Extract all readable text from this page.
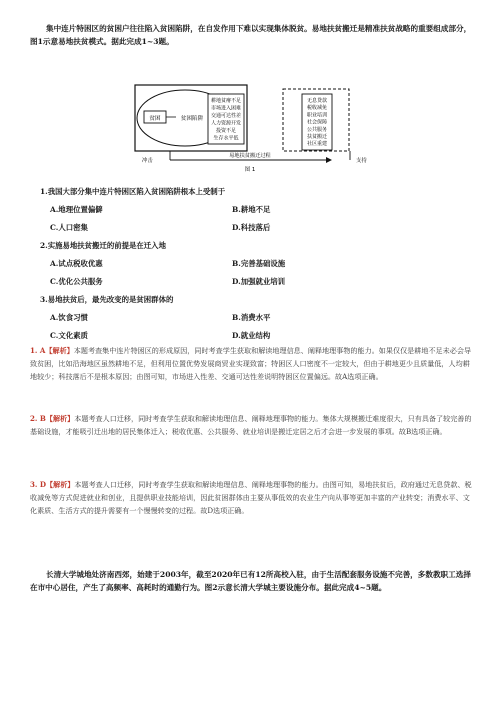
集中连片特困区的贫困户往往陷入贫困陷阱，在自发作用下难以实现集体脱贫。易地扶贫搬迁是精准扶贫战略的重要组成部分，图1示意易地扶贫模式。据此完成1~3题。
贫困	贫困陷阱
耕地贫瘠不足
市场进入困难
交通可达性差
人力资源开发
投资不足
生存水平低
无息贷款
税收减免
职业培训
社会保障
公共服务
扶贫搬迁
社区重建
冲击
易地扶贫搬迁过程
支持
图 1
1.我国大部分集中连片特困区陷入贫困陷阱根本上受制于
A.地理位置偏僻	B.耕地不足
C.人口密集	D.科技落后
2.实施易地扶贫搬迁的前提是在迁入地
A.试点税收优惠	B.完善基础设施
C.优化公共服务	D.加强就业培训
3.易地扶贫后，最先改变的是贫困群体的
A.饮食习惯	B.消费水平
C.文化素质	D.就业结构
1. A【解析】本题考查集中连片特困区的形成原因，同时考查学生获取和解读地理信息、阐释地理事物的能力。如果仅仅是耕地不足未必会导致贫困，比如沿海地区虽然耕地不足，但利用位置优势发展商贸业实现致富；特困区人口密度不一定较大，但由于耕地更少且质量低，人均耕地较少；科技落后不是根本原因；由图可知，市场进入性差、交通可达性差说明特困区位置偏远。故A选项正确。
2. B【解析】本题考查人口迁移，同时考查学生获取和解读地理信息、阐释地理事物的能力。集体大规模搬迁难度很大，只有具备了较完善的基础设施，才能吸引迁出地的居民集体迁入；税收优惠、公共服务、就业培训是搬迁定居之后才会进一步发展的事项。故B选项正确。
3. D【解析】本题考查人口迁移，同时考查学生获取和解读地理信息、阐释地理事物的能力。由图可知，易地扶贫后，政府通过无息贷款、税收减免等方式促进就业和创业，且提供职业技能培训，因此贫困群体由主要从事低效的农业生产向从事等更加丰富的产业转变；消费水平、文化素质、生活方式的提升需要有一个慢慢转变的过程。故D选项正确。
长清大学城地处济南西郊，始建于2003年，截至2020年已有12所高校入驻，由于生活配套服务设施不完善，多数教职工选择在市中心居住，产生了高频率、高耗时的通勤行为。图2示意长清大学城主要设施分布。据此完成4~5题。
